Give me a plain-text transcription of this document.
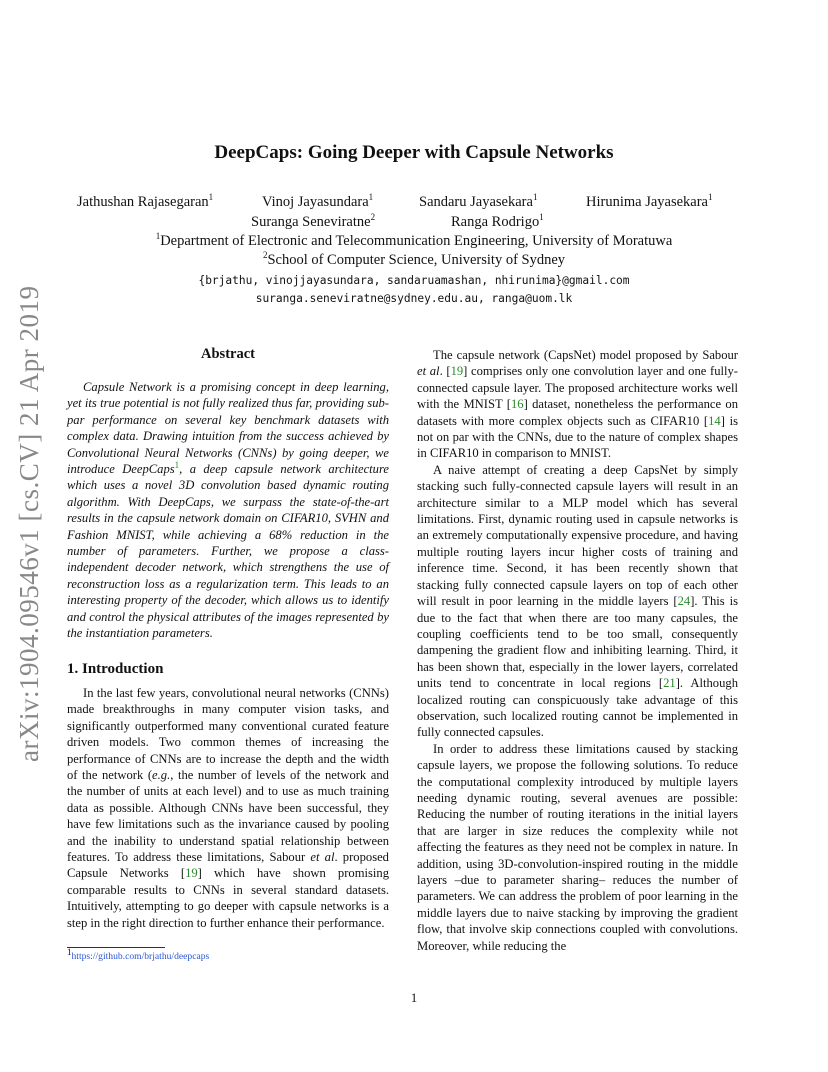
arXiv:1904.09546v1 [cs.CV] 21 Apr 2019
DeepCaps: Going Deeper with Capsule Networks
Jathushan Rajasegaran$^1$	Vinoj Jayasundara$^1$	Sandaru Jayasekara$^1$	Hirunima Jayasekara$^1$
Suranga Seneviratne$^2$	Ranga Rodrigo$^1$
$^1$Department of Electronic and Telecommunication Engineering, University of Moratuwa
$^2$School of Computer Science, University of Sydney
{brjathu, vinojjayasundara, sandaruamashan, nhirunima}@gmail.com
suranga.seneviratne@sydney.edu.au, ranga@uom.lk
Abstract

Capsule Network is a promising concept in deep learning, yet its true potential is not fully realized thus far, providing sub-par performance on several key benchmark datasets with complex data. Drawing intuition from the success achieved by Convolutional Neural Networks (CNNs) by going deeper, we introduce DeepCaps$^1$, a deep capsule network architecture which uses a novel 3D convolution based dynamic routing algorithm. With DeepCaps, we surpass the state-of-the-art results in the capsule network domain on CIFAR10, SVHN and Fashion MNIST, while achieving a 68% reduction in the number of parameters. Further, we propose a class-independent decoder network, which strengthens the use of reconstruction loss as a regularization term. This leads to an interesting property of the decoder, which allows us to identify and control the physical attributes of the images represented by the instantiation parameters.

1. Introduction

In the last few years, convolutional neural networks (CNNs) made breakthroughs in many computer vision tasks, and significantly outperformed many conventional curated feature driven models. Two common themes of increasing the performance of CNNs are to increase the depth and the width of the network (e.g., the number of levels of the network and the number of units at each level) and to use as much training data as possible. Although CNNs have been successful, they have few limitations such as the invariance caused by pooling and the inability to understand spatial relationship between features. To address these limitations, Sabour et al. proposed Capsule Networks [19] which have shown promising comparable results to CNNs in several standard datasets. Intuitively, attempting to go deeper with capsule networks is a step in the right direction to further enhance their performance.

$^1$https://github.com/brjathu/deepcaps

The capsule network (CapsNet) model proposed by Sabour et al. [19] comprises only one convolution layer and one fully-connected capsule layer. The proposed architecture works well with the MNIST [16] dataset, nonetheless the performance on datasets with more complex objects such as CIFAR10 [14] is not on par with the CNNs, due to the nature of complex shapes in CIFAR10 in comparison to MNIST.

A naive attempt of creating a deep CapsNet by simply stacking such fully-connected capsule layers will result in an architecture similar to a MLP model which has several limitations. First, dynamic routing used in capsule networks is an extremely computationally expensive procedure, and having multiple routing layers incur higher costs of training and inference time. Second, it has been recently shown that stacking fully connected capsule layers on top of each other will result in poor learning in the middle layers [24]. This is due to the fact that when there are too many capsules, the coupling coefficients tend to be too small, consequently dampening the gradient flow and inhibiting learning. Third, it has been shown that, especially in the lower layers, correlated units tend to concentrate in local regions [21]. Although localized routing can conspicuously take advantage of this observation, such localized routing cannot be implemented in fully connected capsules.

In order to address these limitations caused by stacking capsule layers, we propose the following solutions. To reduce the computational complexity introduced by multiple layers needing dynamic routing, several avenues are possible: Reducing the number of routing iterations in the initial layers that are larger in size reduces the complexity while not affecting the features as they need not be complex in nature. In addition, using 3D-convolution-inspired routing in the middle layers –due to parameter sharing– reduces the number of parameters. We can address the problem of poor learning in the middle layers due to naive stacking by improving the gradient flow, that involve skip connections coupled with convolutions. Moreover, while reducing the

1
